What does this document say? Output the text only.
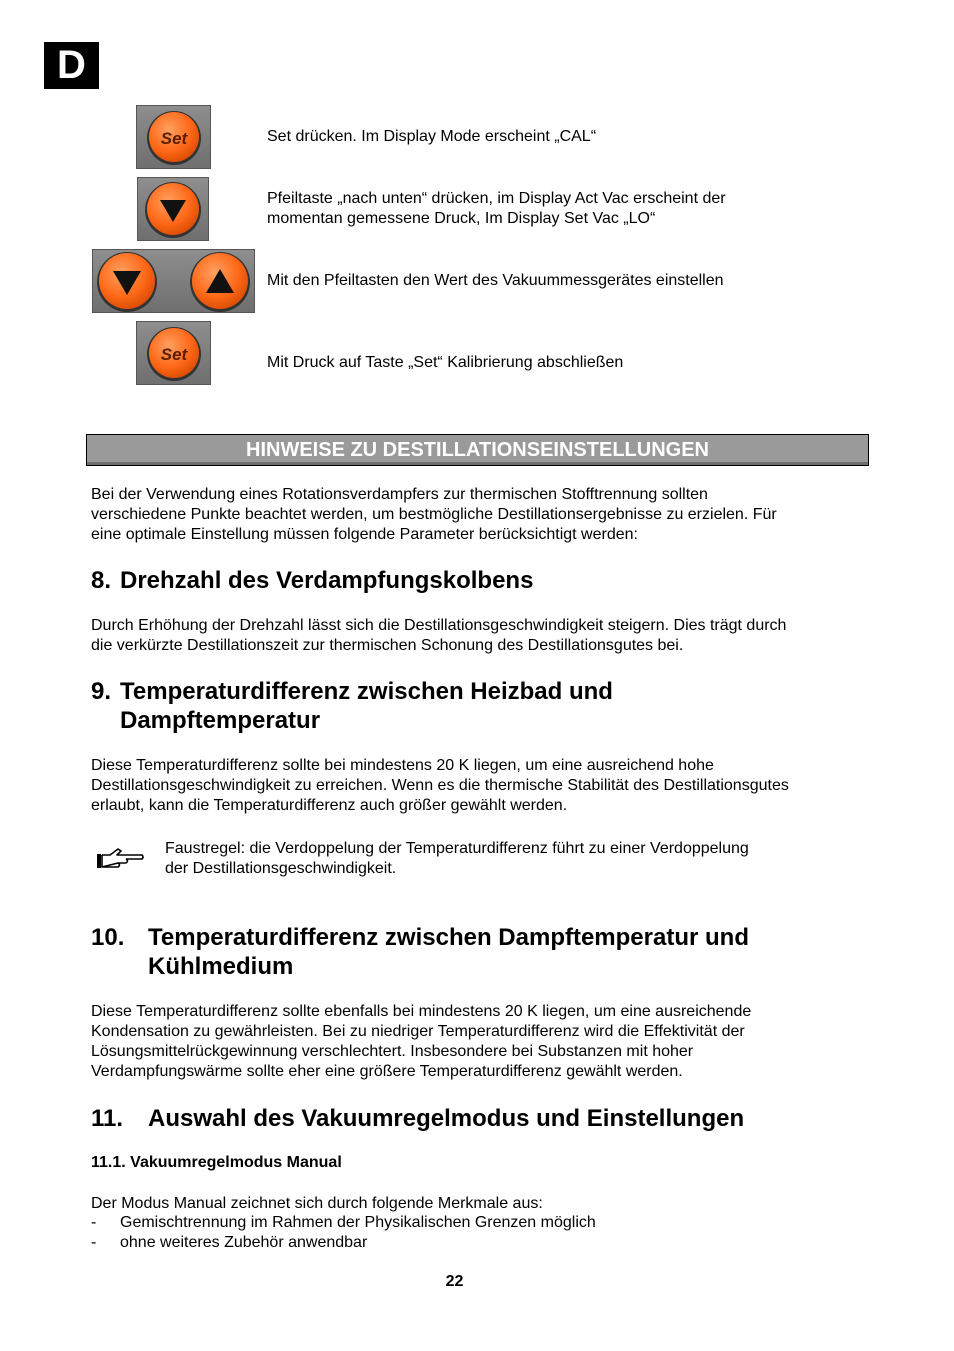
D
Set	Set drücken. Im Display Mode erscheint „CAL“
Pfeiltaste „nach unten“ drücken, im Display Act Vac erscheint der
momentan gemessene Druck, Im Display Set Vac „LO“
Mit den Pfeiltasten den Wert des Vakuummessgerätes einstellen
Set	Mit Druck auf Taste „Set“ Kalibrierung abschließen
HINWEISE ZU DESTILLATIONSEINSTELLUNGEN
Bei der Verwendung eines Rotationsverdampfers zur thermischen Stofftrennung sollten
verschiedene Punkte beachtet werden, um bestmögliche Destillationsergebnisse zu erzielen. Für
eine optimale Einstellung müssen folgende Parameter berücksichtigt werden:
8. Drehzahl des Verdampfungskolbens
Durch Erhöhung der Drehzahl lässt sich die Destillationsgeschwindigkeit steigern. Dies trägt durch
die verkürzte Destillationszeit zur thermischen Schonung des Destillationsgutes bei.
9. Temperaturdifferenz zwischen Heizbad und
Dampftemperatur
Diese Temperaturdifferenz sollte bei mindestens 20 K liegen, um eine ausreichend hohe
Destillationsgeschwindigkeit zu erreichen. Wenn es die thermische Stabilität des Destillationsgutes
erlaubt, kann die Temperaturdifferenz auch größer gewählt werden.
Faustregel: die Verdoppelung der Temperaturdifferenz führt zu einer Verdoppelung
der Destillationsgeschwindigkeit.
10. Temperaturdifferenz zwischen Dampftemperatur und
Kühlmedium
Diese Temperaturdifferenz sollte ebenfalls bei mindestens 20 K liegen, um eine ausreichende
Kondensation zu gewährleisten. Bei zu niedriger Temperaturdifferenz wird die Effektivität der
Lösungsmittelrückgewinnung verschlechtert. Insbesondere bei Substanzen mit hoher
Verdampfungswärme sollte eher eine größere Temperaturdifferenz gewählt werden.
11. Auswahl des Vakuumregelmodus und Einstellungen
11.1. Vakuumregelmodus Manual
Der Modus Manual zeichnet sich durch folgende Merkmale aus:
- Gemischtrennung im Rahmen der Physikalischen Grenzen möglich
- ohne weiteres Zubehör anwendbar
22
